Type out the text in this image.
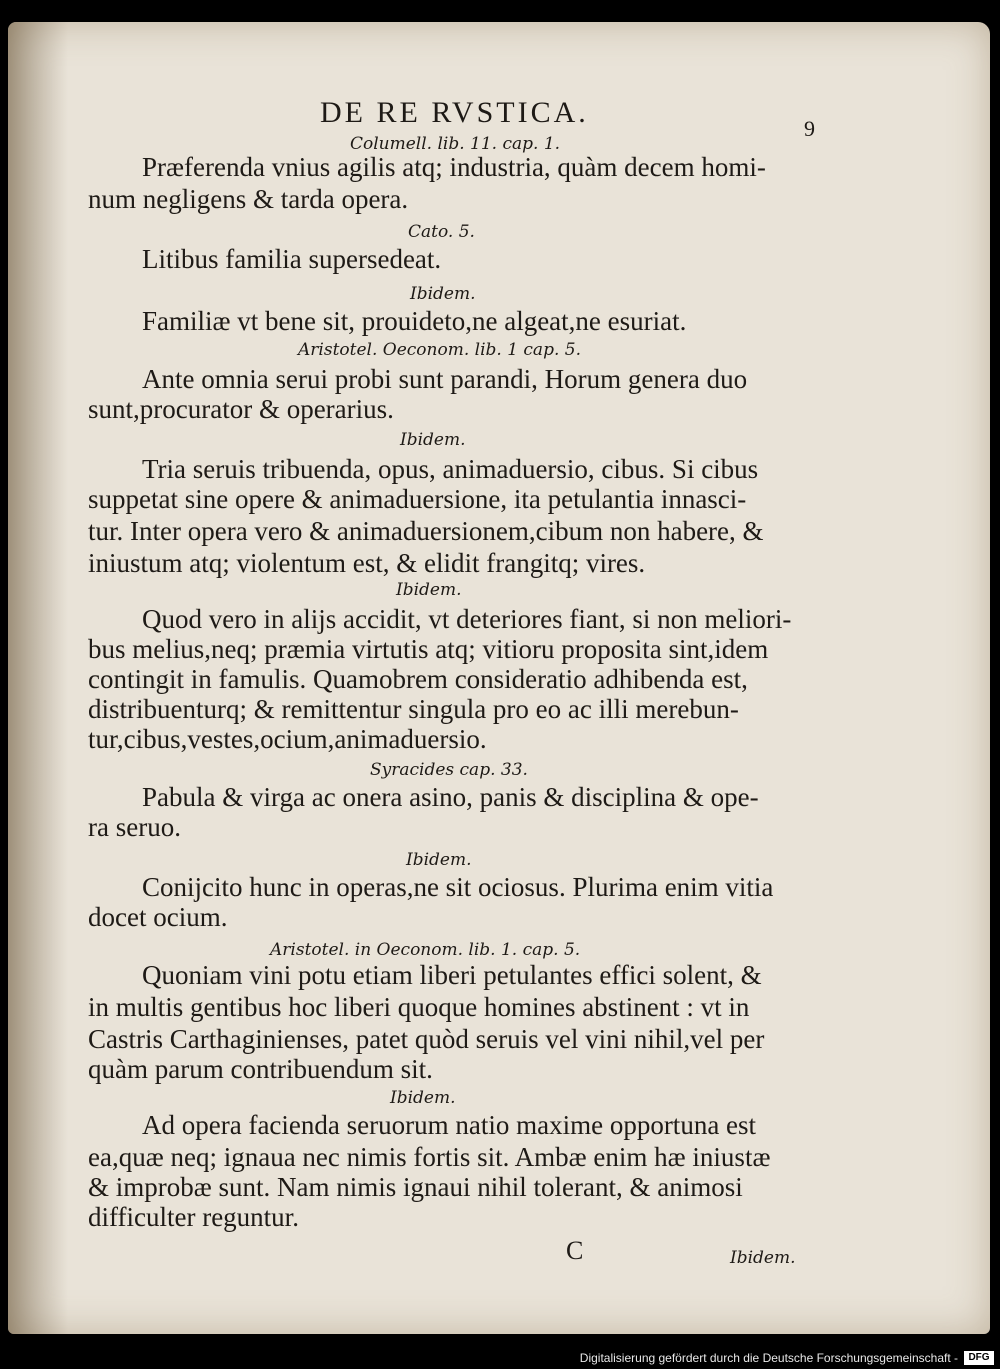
DE RE RVSTICA.	9
Columell. lib. 11. cap. 1.
Præferenda vnius agilis atq; industria, quàm decem homi-
num negligens & tarda opera.
Cato. 5.
Litibus familia supersedeat.
Ibidem.
Familiæ vt bene sit, prouideto,ne algeat,ne esuriat.
Aristotel. Oeconom. lib. 1 cap. 5.
Ante omnia serui probi sunt parandi, Horum genera duo
sunt,procurator & operarius.
Ibidem.
Tria seruis tribuenda, opus, animaduersio, cibus. Si cibus
suppetat sine opere & animaduersione, ita petulantia innasci-
tur. Inter opera vero & animaduersionem,cibum non habere, &
iniustum atq; violentum est, & elidit frangitq; vires.
Ibidem.
Quod vero in alijs accidit, vt deteriores fiant, si non meliori-
bus melius,neq; præmia virtutis atq; vitioru proposita sint,idem
contingit in famulis. Quamobrem consideratio adhibenda est,
distribuenturq; & remittentur singula pro eo ac illi merebun-
tur,cibus,vestes,ocium,animaduersio.
Syracides cap. 33.
Pabula & virga ac onera asino, panis & disciplina & ope-
ra seruo.
Ibidem.
Conijcito hunc in operas,ne sit ociosus. Plurima enim vitia
docet ocium.
Aristotel. in Oeconom. lib. 1. cap. 5.
Quoniam vini potu etiam liberi petulantes effici solent, &
in multis gentibus hoc liberi quoque homines abstinent : vt in
Castris Carthaginienses, patet quòd seruis vel vini nihil,vel per
quàm parum contribuendum sit.
Ibidem.
Ad opera facienda seruorum natio maxime opportuna est
ea,quæ neq; ignaua nec nimis fortis sit. Ambæ enim hæ iniustæ
& improbæ sunt. Nam nimis ignaui nihil tolerant, & animosi
difficulter reguntur.
C	Ibidem.
Digitalisierung gefördert durch die Deutsche Forschungsgemeinschaft -	DFG
